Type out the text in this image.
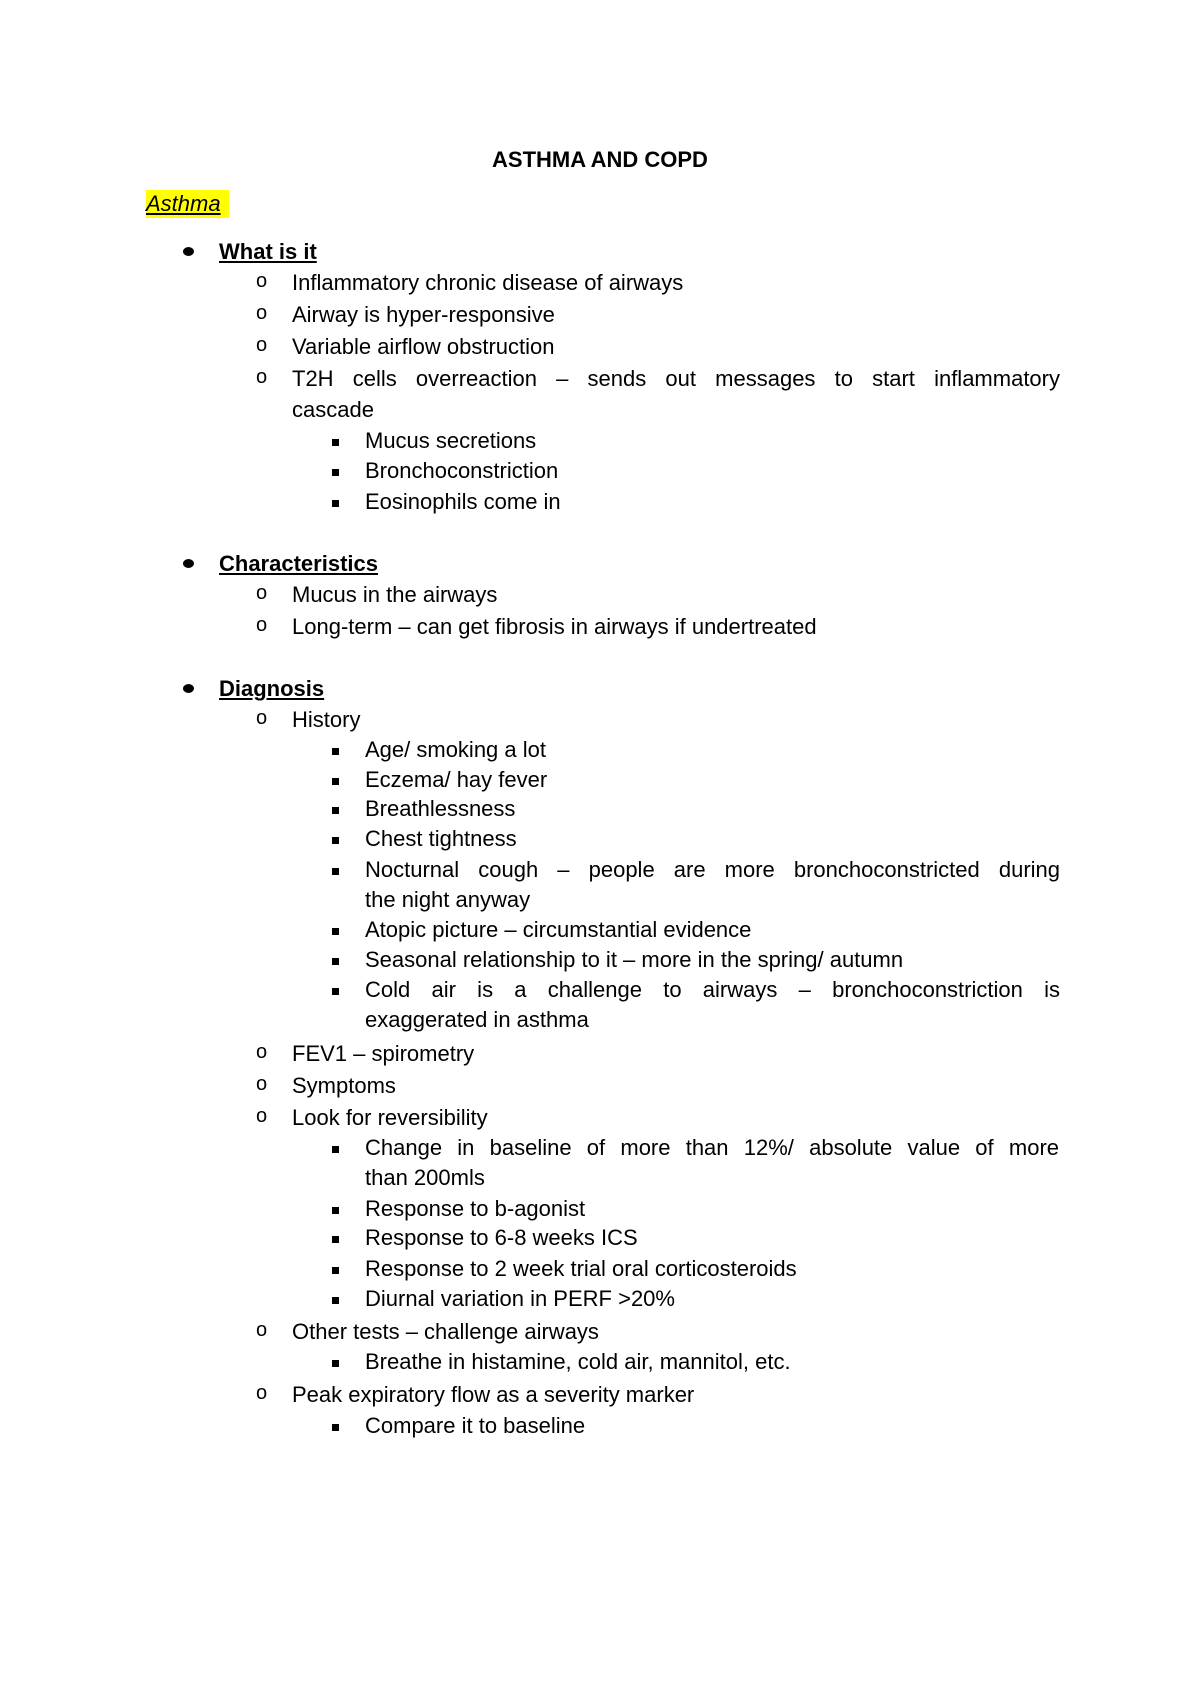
ASTHMA AND COPD
Asthma
What is it
o Inflammatory chronic disease of airways
o Airway is hyper-responsive
o Variable airflow obstruction
o T2H cells overreaction – sends out messages to start inflammatory
cascade
Mucus secretions
Bronchoconstriction
Eosinophils come in
Characteristics
o Mucus in the airways
o Long-term – can get fibrosis in airways if undertreated
Diagnosis
o History
Age/ smoking a lot
Eczema/ hay fever
Breathlessness
Chest tightness
Nocturnal cough – people are more bronchoconstricted during
the night anyway
Atopic picture – circumstantial evidence
Seasonal relationship to it – more in the spring/ autumn
Cold air is a challenge to airways – bronchoconstriction is
exaggerated in asthma
o FEV1 – spirometry
o Symptoms
o Look for reversibility
Change in baseline of more than 12%/ absolute value of more
than 200mls
Response to b-agonist
Response to 6-8 weeks ICS
Response to 2 week trial oral corticosteroids
Diurnal variation in PERF >20%
o Other tests – challenge airways
Breathe in histamine, cold air, mannitol, etc.
o Peak expiratory flow as a severity marker
Compare it to baseline
